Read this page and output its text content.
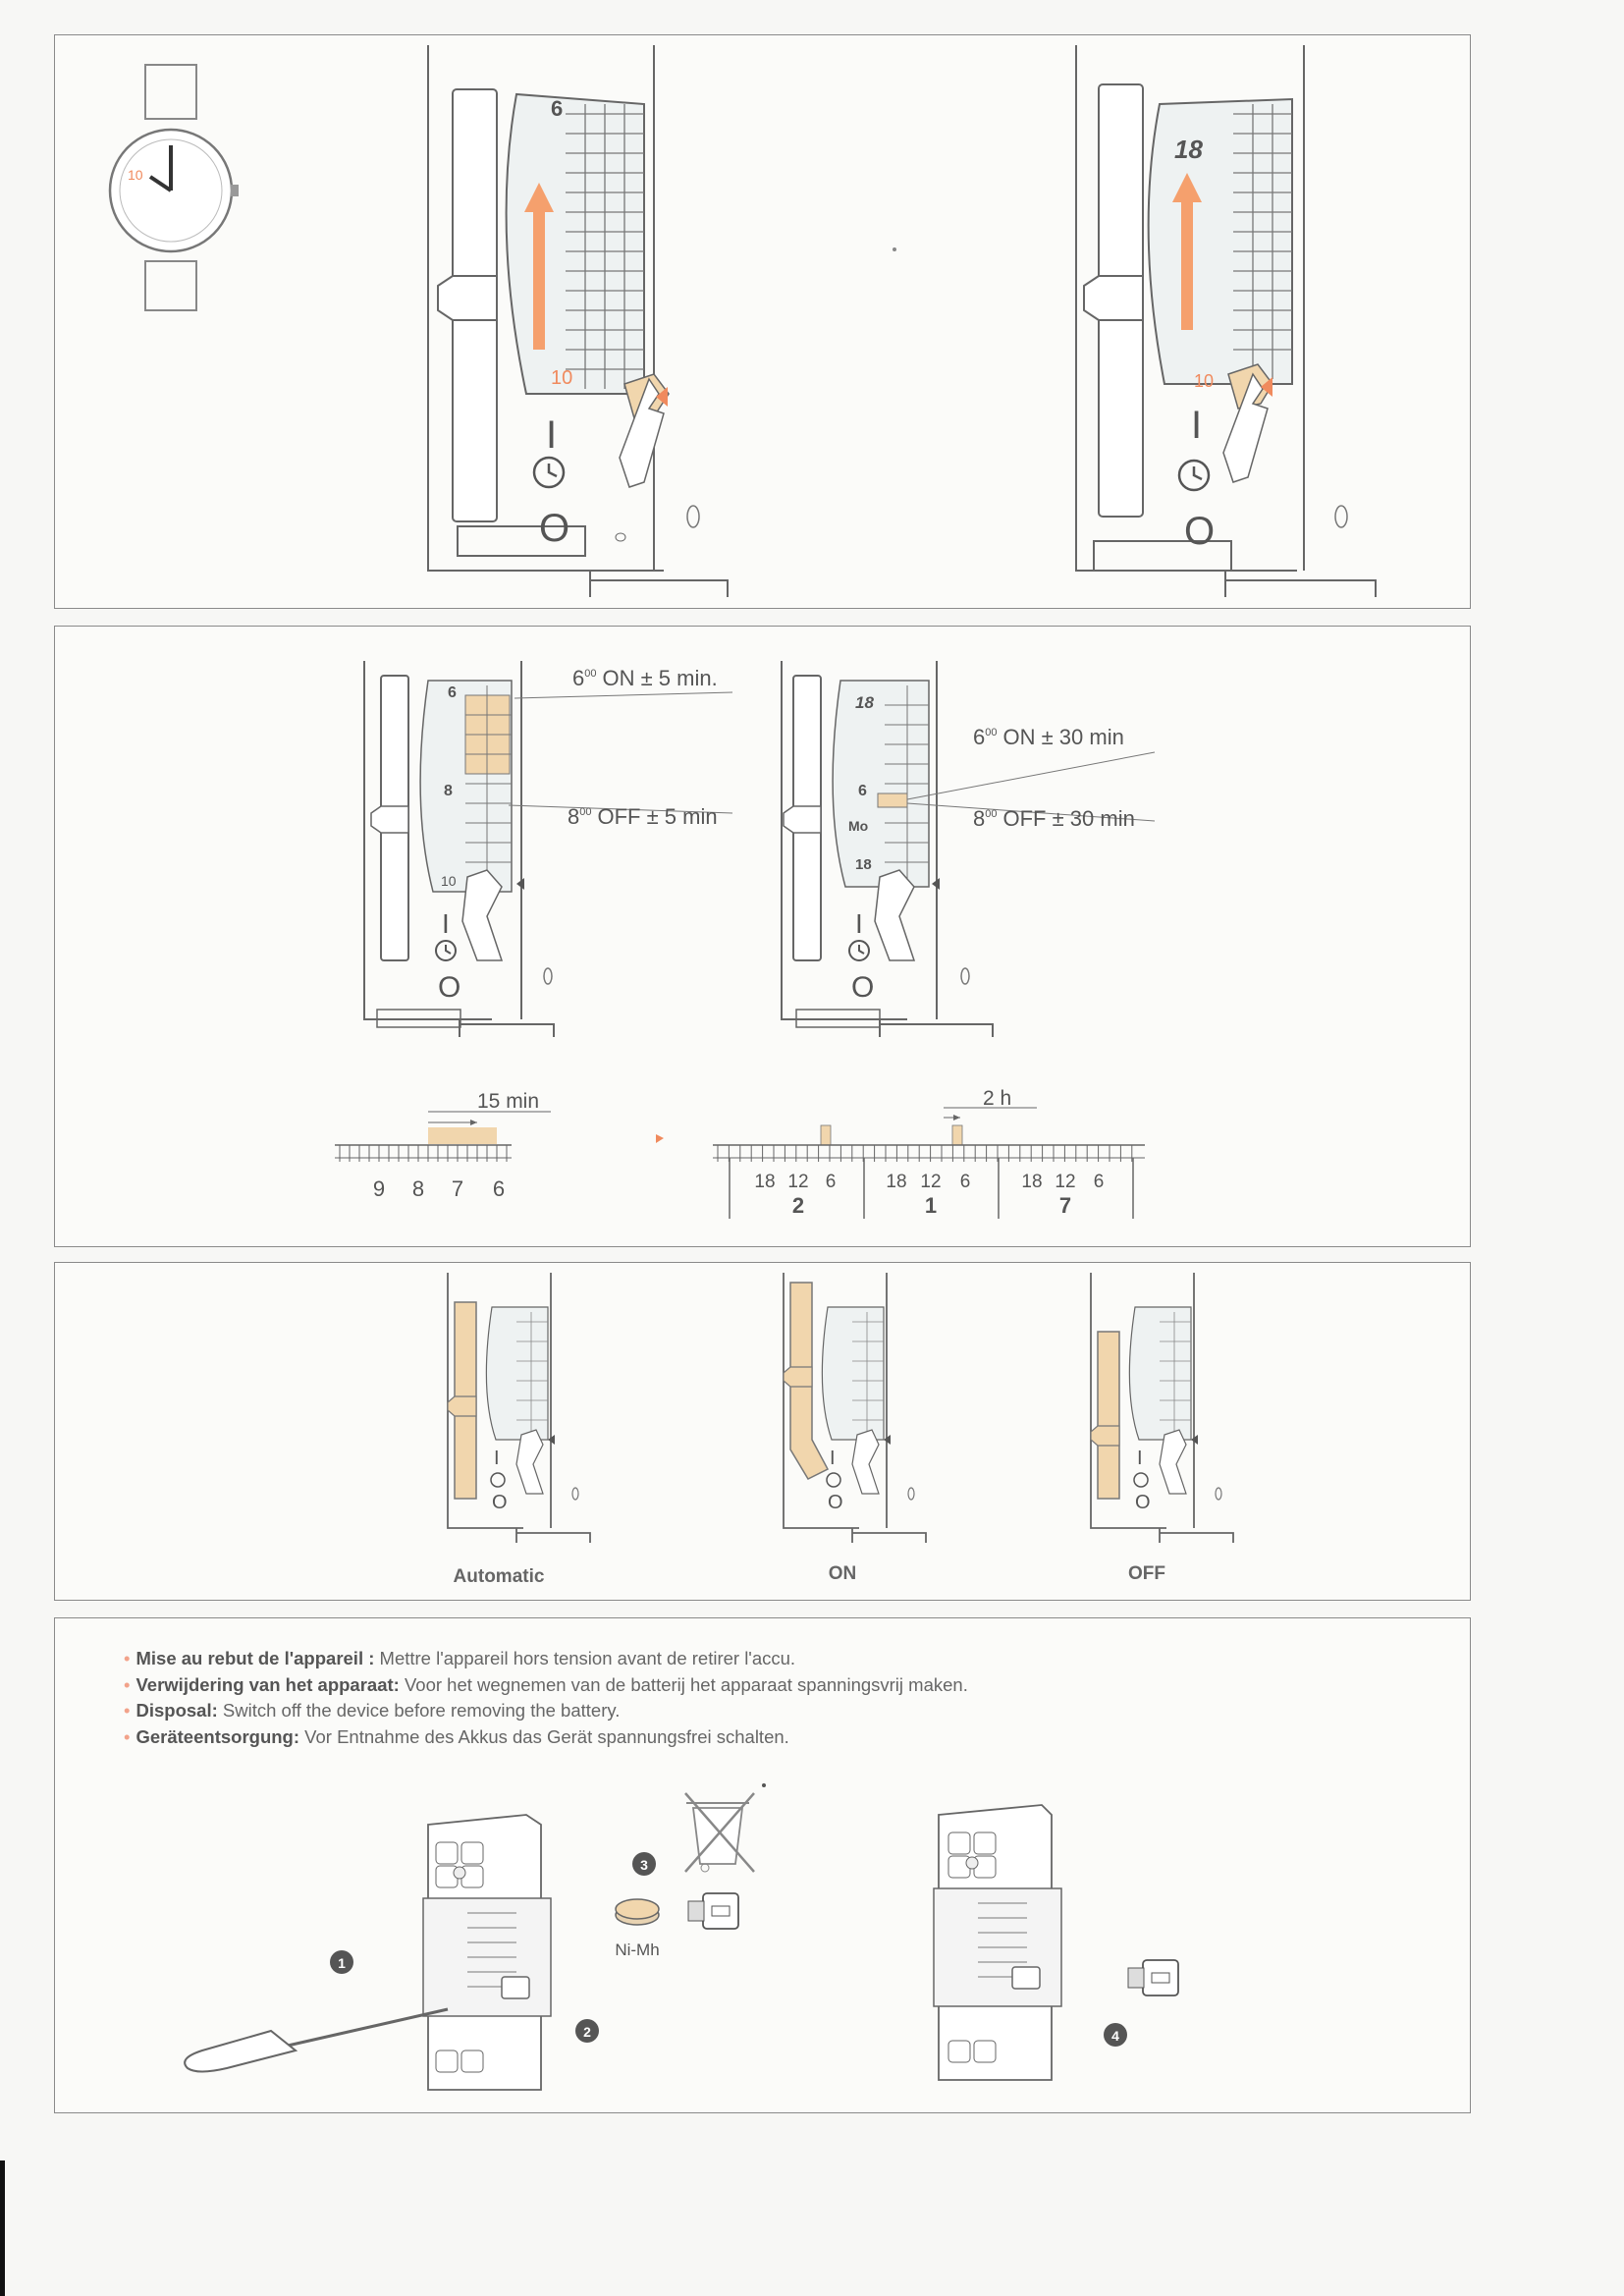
10
6
10
I
O
18
10
I
O
6
8
10
I
O
$6^{00}$ ON ± 5 min.
$8^{00}$ OFF ± 5 min
18
6
Mo
18
I
O
$6^{00}$ ON ± 30 min
$8^{00}$ OFF ± 30 min
15 min
9 8 7 6
2 h
18 12 6
2
18 12 6
1
18 12 6
7
I
O
I
O
I
O
Automatic	ON	OFF
• Mise au rebut de l'appareil : Mettre l'appareil hors tension avant de retirer l'accu.
• Verwijdering van het apparaat: Voor het wegnemen van de batterij het apparaat spanningsvrij maken.
• Disposal: Switch off the device before removing the battery.
• Geräteentsorgung: Vor Entnahme des Akkus das Gerät spannungsfrei schalten.
1
2
Ni-Mh
3
4
